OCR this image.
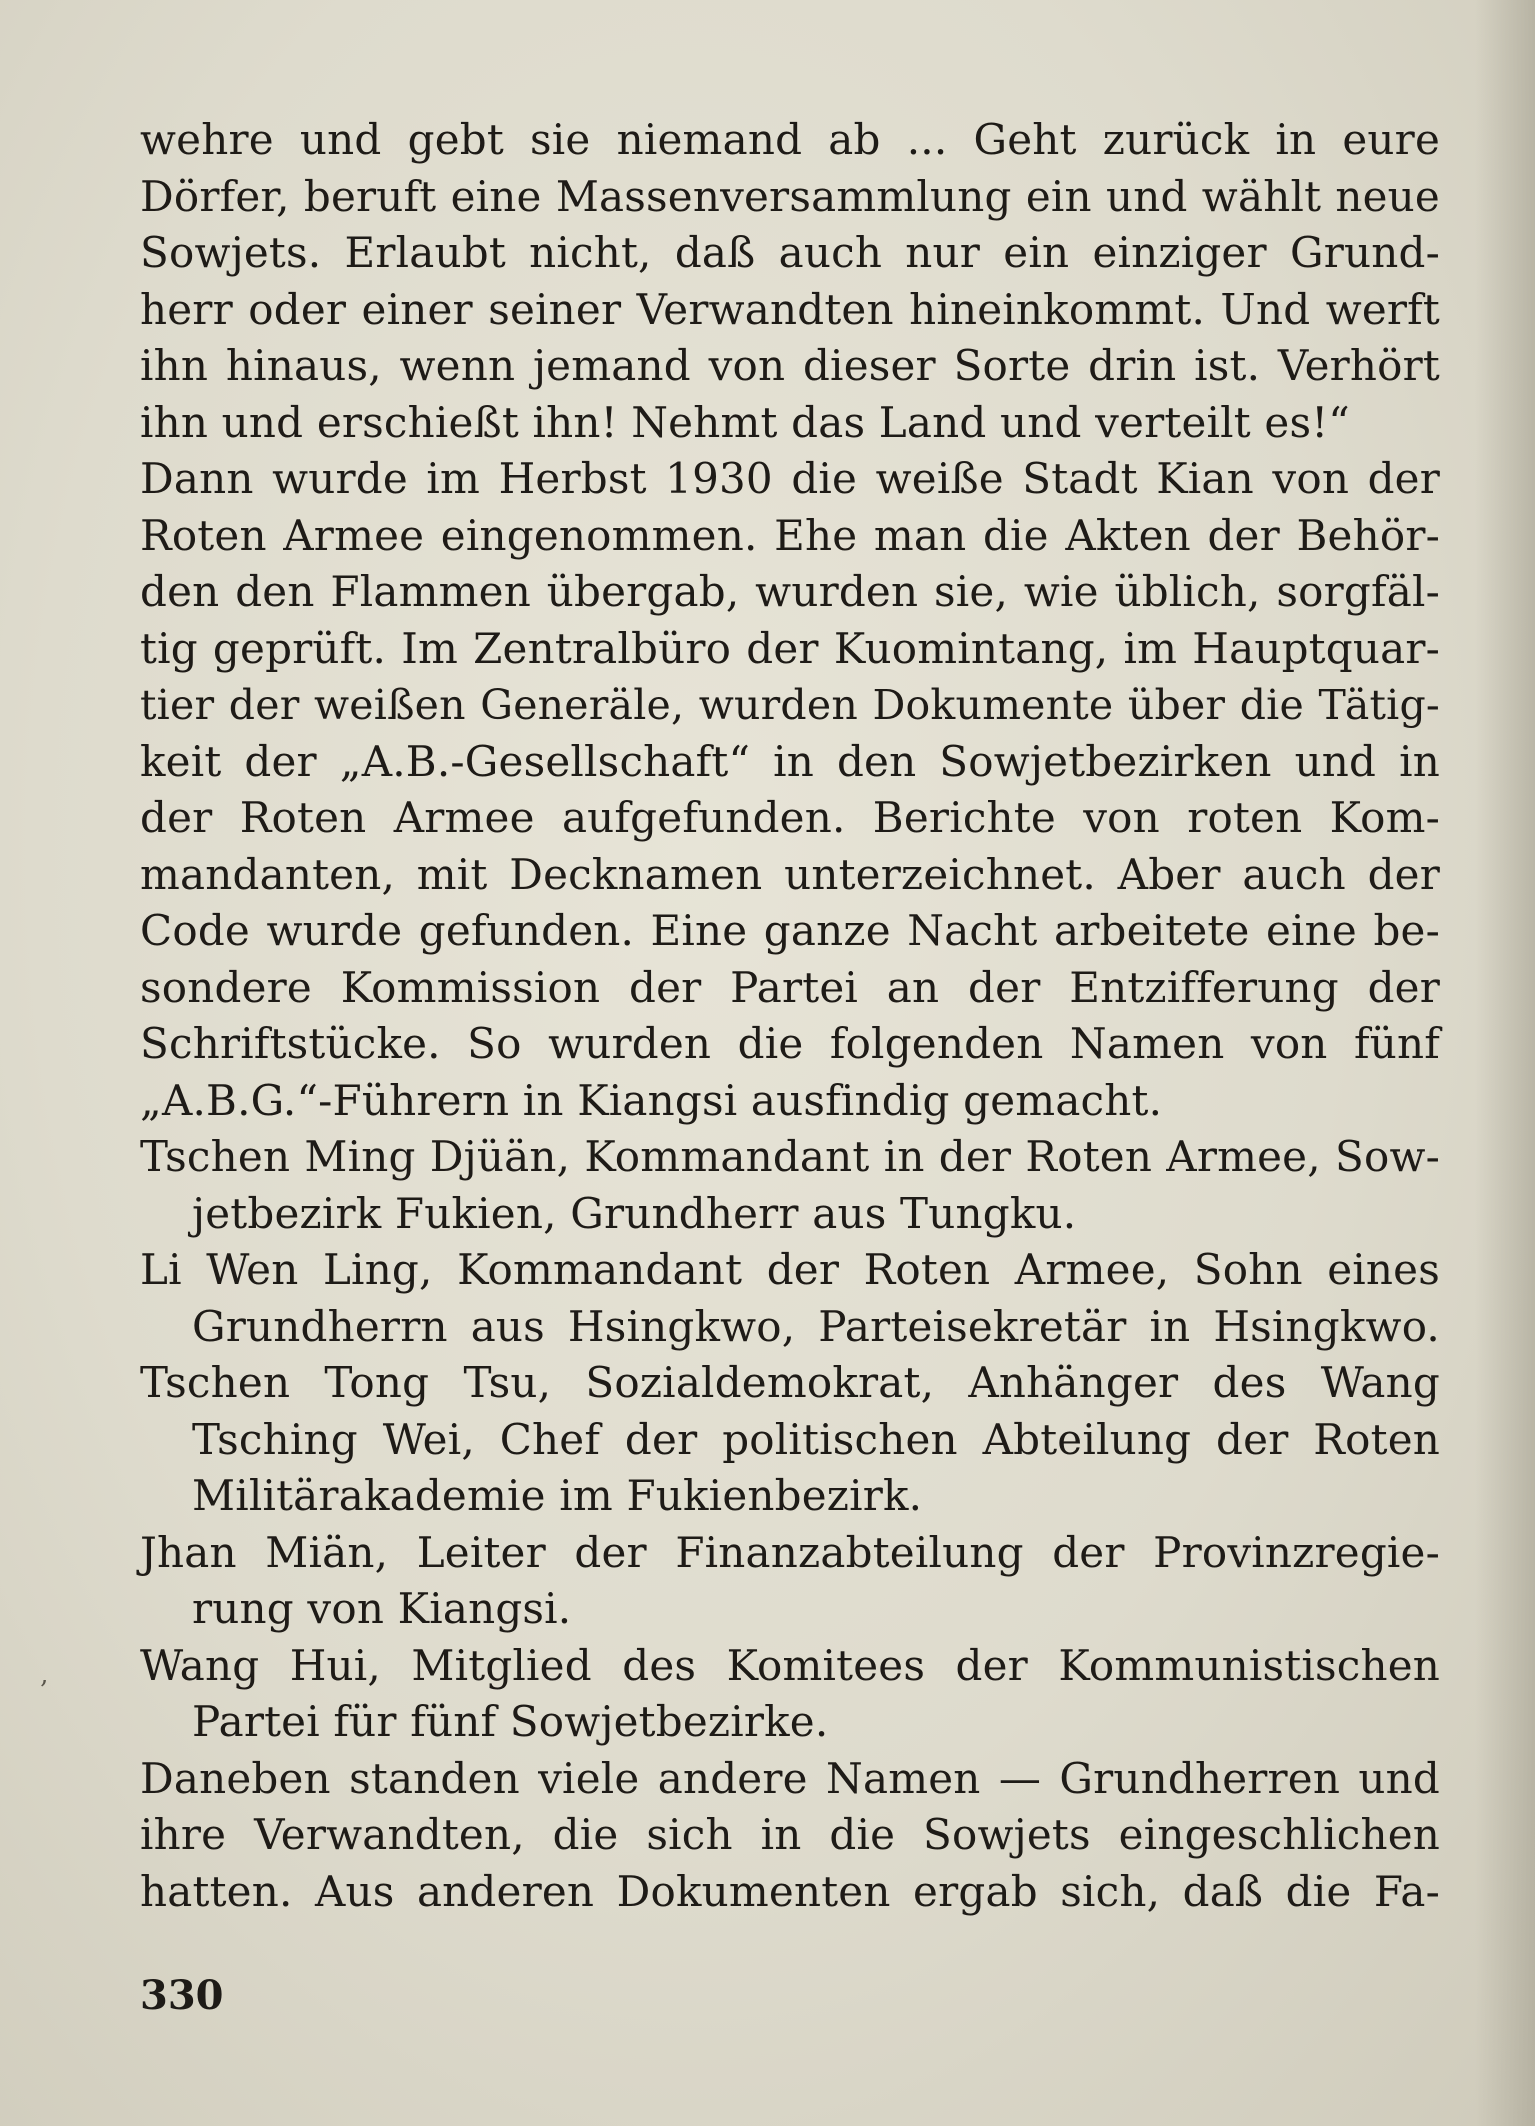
‚
wehre und gebt sie niemand ab ... Geht zurück in eure
Dörfer, beruft eine Massenversammlung ein und wählt neue
Sowjets. Erlaubt nicht, daß auch nur ein einziger Grund-
herr oder einer seiner Verwandten hineinkommt. Und werft
ihn hinaus, wenn jemand von dieser Sorte drin ist. Verhört
ihn und erschießt ihn! Nehmt das Land und verteilt es!“
Dann wurde im Herbst 1930 die weiße Stadt Kian von der
Roten Armee eingenommen. Ehe man die Akten der Behör-
den den Flammen übergab, wurden sie, wie üblich, sorgfäl-
tig geprüft. Im Zentralbüro der Kuomintang, im Hauptquar-
tier der weißen Generäle, wurden Dokumente über die Tätig-
keit der „A.B.-Gesellschaft“ in den Sowjetbezirken und in
der Roten Armee aufgefunden. Berichte von roten Kom-
mandanten, mit Decknamen unterzeichnet. Aber auch der
Code wurde gefunden. Eine ganze Nacht arbeitete eine be-
sondere Kommission der Partei an der Entzifferung der
Schriftstücke. So wurden die folgenden Namen von fünf
„A.B.G.“-Führern in Kiangsi ausfindig gemacht.
Tschen Ming Djüän, Kommandant in der Roten Armee, Sow-
jetbezirk Fukien, Grundherr aus Tungku.
Li Wen Ling, Kommandant der Roten Armee, Sohn eines
Grundherrn aus Hsingkwo, Parteisekretär in Hsingkwo.
Tschen Tong Tsu, Sozialdemokrat, Anhänger des Wang
Tsching Wei, Chef der politischen Abteilung der Roten
Militärakademie im Fukienbezirk.
Jhan Miän, Leiter der Finanzabteilung der Provinzregie-
rung von Kiangsi.
Wang Hui, Mitglied des Komitees der Kommunistischen
Partei für fünf Sowjetbezirke.
Daneben standen viele andere Namen — Grundherren und
ihre Verwandten, die sich in die Sowjets eingeschlichen
hatten. Aus anderen Dokumenten ergab sich, daß die Fa-
330
